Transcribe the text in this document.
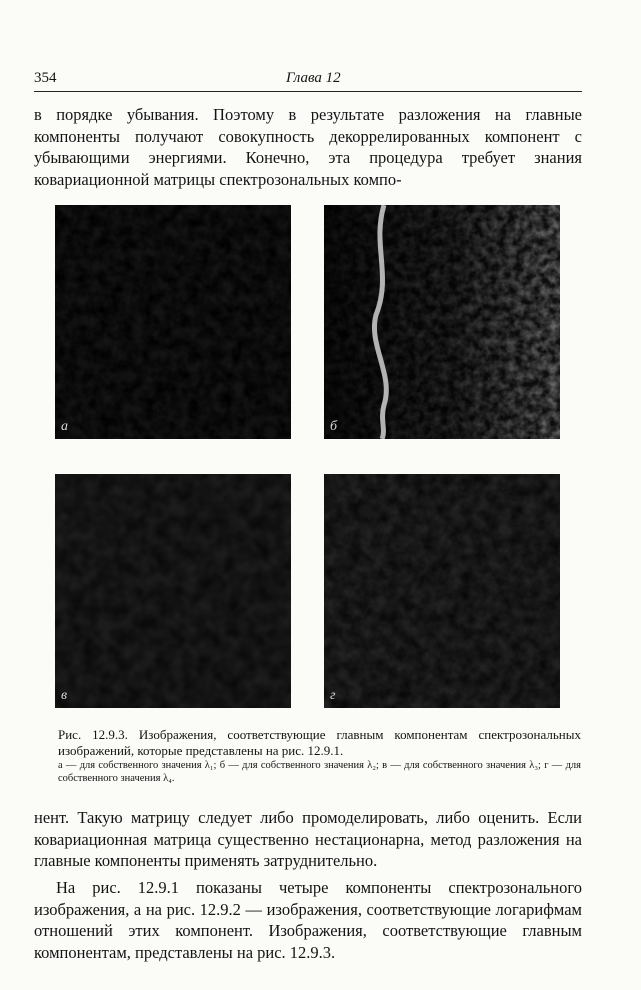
354	Глава 12
в порядке убывания. Поэтому в результате разложения на главные компоненты получают совокупность декоррелированных компонент с убывающими энергиями. Конечно, эта процедура требует знания ковариационной матрицы спектрозональных компо-
а	б
в	г
Рис. 12.9.3. Изображения, соответствующие главным компонентам спектрозональных изображений, которые представлены на рис. 12.9.1.
а — для собственного значения λ₁; б — для собственного значения λ₂; в — для собственного значения λ₃; г — для собственного значения λ₄.
нент. Такую матрицу следует либо промоделировать, либо оценить. Если ковариационная матрица существенно нестационарна, метод разложения на главные компоненты применять затруднительно.
На рис. 12.9.1 показаны четыре компоненты спектрозонального изображения, а на рис. 12.9.2 — изображения, соответствующие логарифмам отношений этих компонент. Изображения, соответствующие главным компонентам, представлены на рис. 12.9.3.
